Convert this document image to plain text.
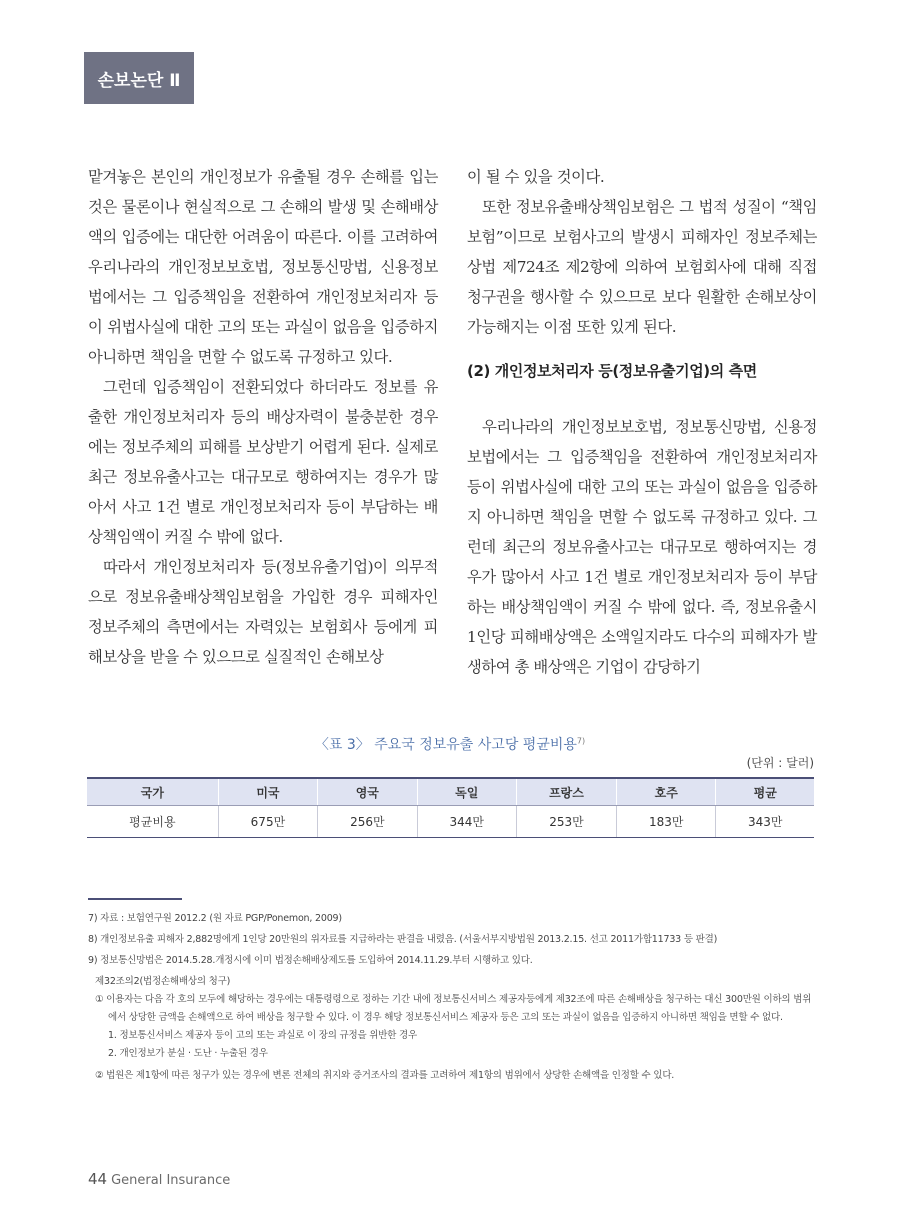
손보논단 Ⅱ

맡겨놓은 본인의 개인정보가 유출될 경우 손해를 입는 것은 물론이나 현실적으로 그 손해의 발생 및 손해배상액의 입증에는 대단한 어려움이 따른다. 이를 고려하여 우리나라의 개인정보보호법, 정보통신망법, 신용정보법에서는 그 입증책임을 전환하여 개인정보처리자 등이 위법사실에 대한 고의 또는 과실이 없음을 입증하지 아니하면 책임을 면할 수 없도록 규정하고 있다.

그런데 입증책임이 전환되었다 하더라도 정보를 유출한 개인정보처리자 등의 배상자력이 불충분한 경우에는 정보주체의 피해를 보상받기 어렵게 된다. 실제로 최근 정보유출사고는 대규모로 행하여지는 경우가 많아서 사고 1건 별로 개인정보처리자 등이 부담하는 배상책임액이 커질 수 밖에 없다.

따라서 개인정보처리자 등(정보유출기업)이 의무적으로 정보유출배상책임보험을 가입한 경우 피해자인 정보주체의 측면에서는 자력있는 보험회사 등에게 피해보상을 받을 수 있으므로 실질적인 손해보상

이 될 수 있을 것이다.

또한 정보유출배상책임보험은 그 법적 성질이 “책임보험”이므로 보험사고의 발생시 피해자인 정보주체는 상법 제724조 제2항에 의하여 보험회사에 대해 직접청구권을 행사할 수 있으므로 보다 원활한 손해보상이 가능해지는 이점 또한 있게 된다.

(2) 개인정보처리자 등(정보유출기업)의 측면

우리나라의 개인정보보호법, 정보통신망법, 신용정보법에서는 그 입증책임을 전환하여 개인정보처리자 등이 위법사실에 대한 고의 또는 과실이 없음을 입증하지 아니하면 책임을 면할 수 없도록 규정하고 있다. 그런데 최근의 정보유출사고는 대규모로 행하여지는 경우가 많아서 사고 1건 별로 개인정보처리자 등이 부담하는 배상책임액이 커질 수 밖에 없다. 즉, 정보유출시 1인당 피해배상액은 소액일지라도 다수의 피해자가 발생하여 총 배상액은 기업이 감당하기

〈표 3〉 주요국 정보유출 사고당 평균비용$^{7)}$
(단위 : 달러)
국가	미국	영국	독일	프랑스	호주	평균
평균비용	675만	256만	344만	253만	183만	343만

7) 자료 : 보험연구원 2012.2 (원 자료 PGP/Ponemon, 2009)

8) 개인정보유출 피해자 2,882명에게 1인당 20만원의 위자료를 지급하라는 판결을 내렸음. (서울서부지방법원 2013.2.15. 선고 2011가합11733 등 판결)

9) 정보통신망법은 2014.5.28.개정시에 이미 법정손해배상제도를 도입하여 2014.11.29.부터 시행하고 있다.

제32조의2(법정손해배상의 청구)

① 이용자는 다음 각 호의 모두에 해당하는 경우에는 대통령령으로 정하는 기간 내에 정보통신서비스 제공자등에게 제32조에 따른 손해배상을 청구하는 대신 300만원 이하의 범위에서 상당한 금액을 손해액으로 하여 배상을 청구할 수 있다. 이 경우 해당 정보통신서비스 제공자 등은 고의 또는 과실이 없음을 입증하지 아니하면 책임을 면할 수 없다.

1. 정보통신서비스 제공자 등이 고의 또는 과실로 이 장의 규정을 위반한 경우

2. 개인정보가 분실 · 도난 · 누출된 경우

② 법원은 제1항에 따른 청구가 있는 경우에 변론 전체의 취지와 증거조사의 결과를 고려하여 제1항의 범위에서 상당한 손해액을 인정할 수 있다.

44 General Insurance
